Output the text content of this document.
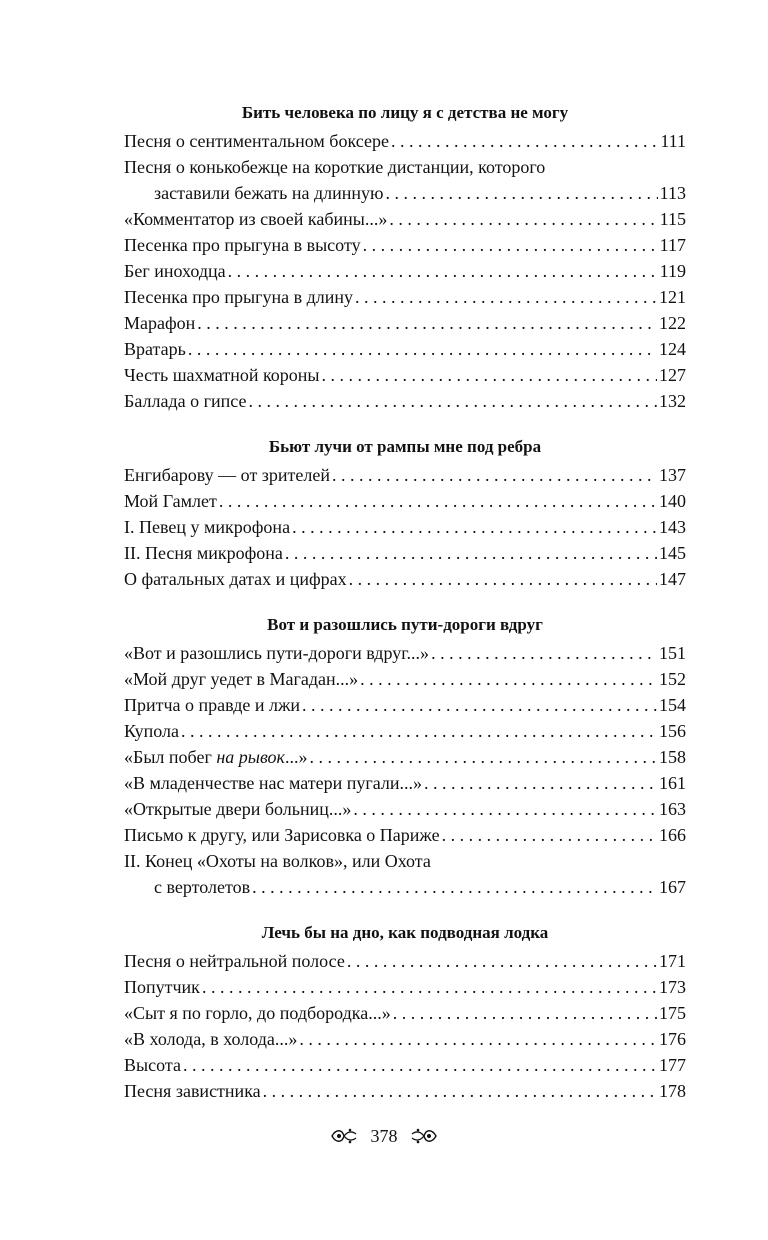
Бить человека по лицу я с детства не могу
Песня о сентиментальном боксере . . .	111
Песня о конькобежце на короткие дистанции, которого
заставили бежать на длинную . . .	113
«Комментатор из своей кабины...» . . .	115
Песенка про прыгуна в высоту . . .	117
Бег иноходца . . .	119
Песенка про прыгуна в длину . . .	121
Марафон . . .	122
Вратарь . . .	124
Честь шахматной короны . . .	127
Баллада о гипсе . . .	132
Бьют лучи от рампы мне под ребра
Енгибарову — от зрителей . . .	137
Мой Гамлет . . .	140
I. Певец у микрофона . . .	143
II. Песня микрофона . . .	145
О фатальных датах и цифрах . . .	147
Вот и разошлись пути-дороги вдруг
«Вот и разошлись пути-дороги вдруг...» . . .	151
«Мой друг уедет в Магадан...» . . .	152
Притча о правде и лжи . . .	154
Купола . . .	156
«Был побег на рывок...» . . .	158
«В младенчестве нас матери пугали...» . . .	161
«Открытые двери больниц...» . . .	163
Письмо к другу, или Зарисовка о Париже . . .	166
II. Конец «Охоты на волков», или Охота
с вертолетов . . .	167
Лечь бы на дно, как подводная лодка
Песня о нейтральной полосе . . .	171
Попутчик . . .	173
«Сыт я по горло, до подбородка...» . . .	175
«В холода, в холода...» . . .	176
Высота . . .	177
Песня завистника . . .	178
378
